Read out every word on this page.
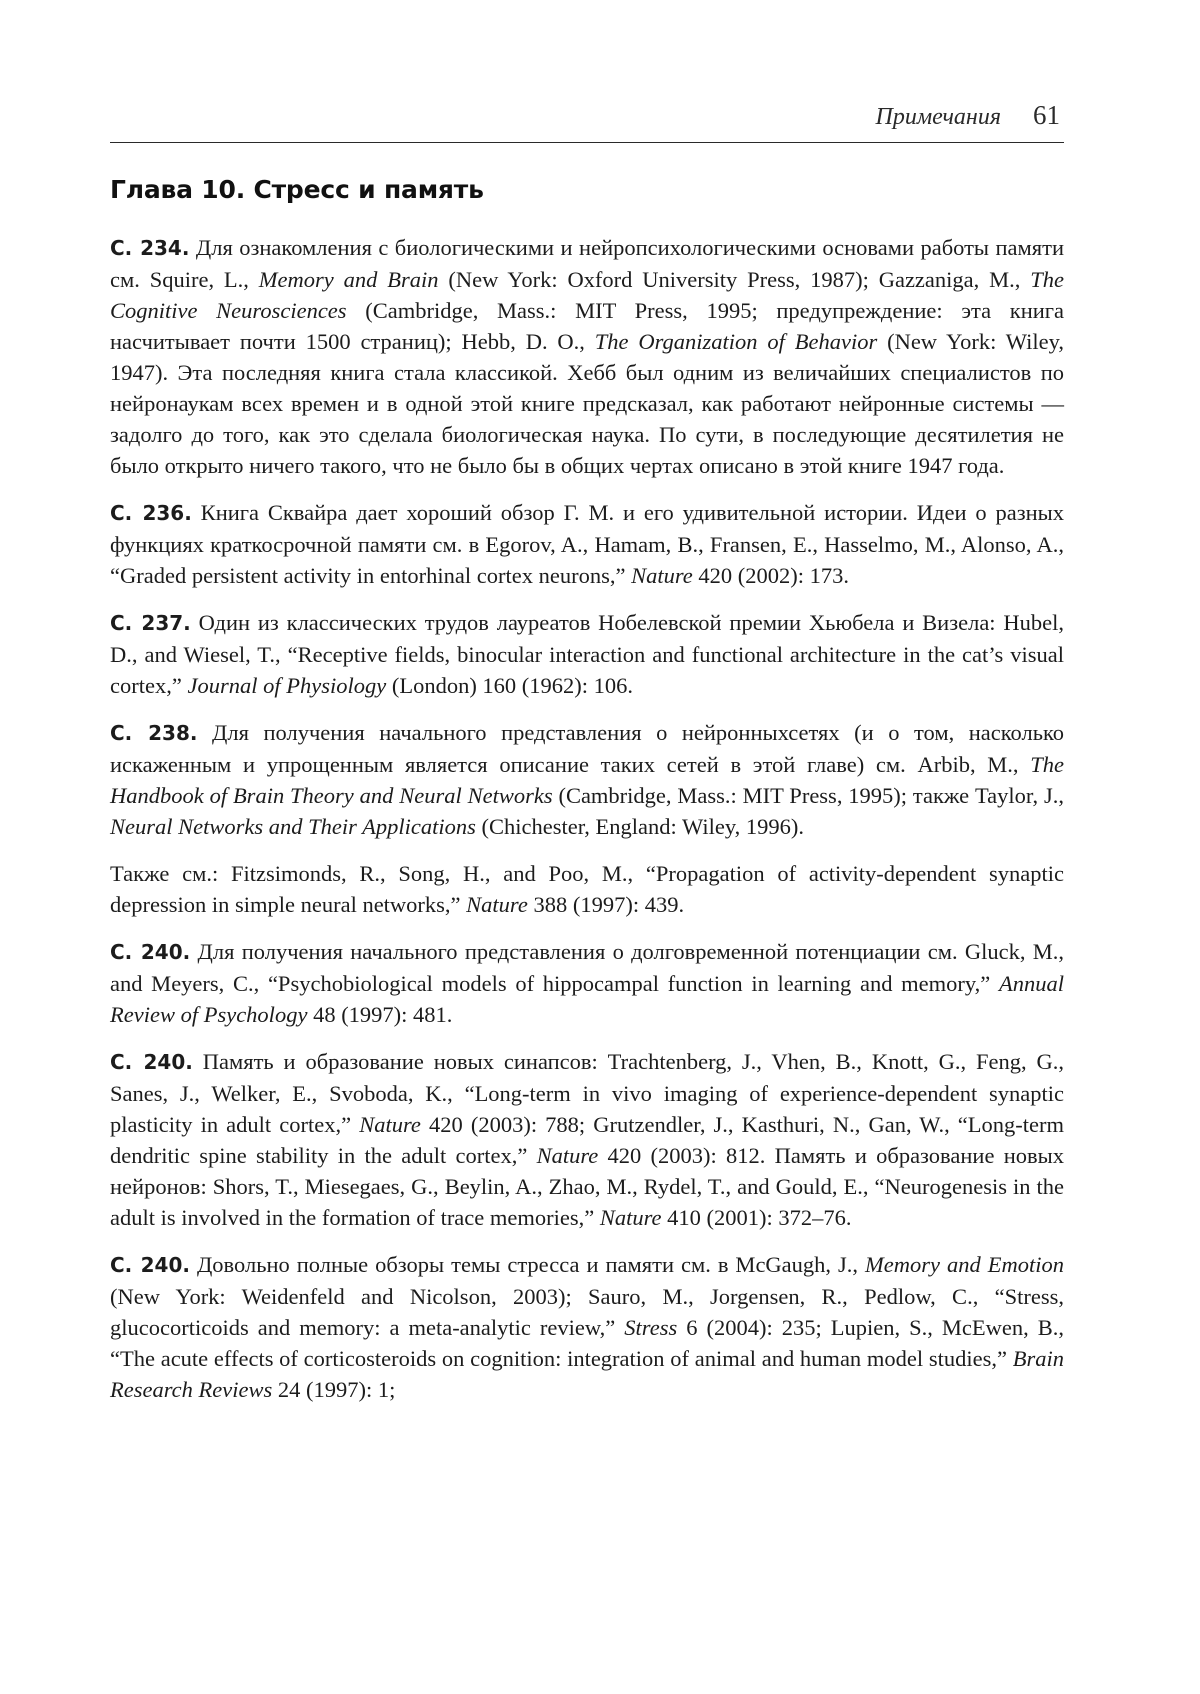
Примечания 61
Глава 10. Стресс и память

С. 234. Для ознакомления с биологическими и нейропсихологическими основами работы памяти см. Squire, L., Memory and Brain (New York: Oxford University Press, 1987); Gazzaniga, M., The Cognitive Neurosciences (Cambridge, Mass.: MIT Press, 1995; предупреждение: эта книга насчитывает почти 1500 страниц); Hebb, D. O., The Organization of Behavior (New York: Wiley, 1947). Эта последняя книга стала классикой. Хебб был одним из величайших специалистов по нейронаукам всех времен и в одной этой книге предсказал, как работают нейронные системы — задолго до того, как это сделала биологическая наука. По сути, в последующие десятилетия не было открыто ничего такого, что не было бы в общих чертах описано в этой книге 1947 года.

С. 236. Книга Сквайра дает хороший обзор Г. М. и его удивительной истории. Идеи о разных функциях краткосрочной памяти см. в Egorov, A., Hamam, B., Fransen, E., Hasselmo, M., Alonso, A., “Graded persistent activity in entorhinal cortex neurons,” Nature 420 (2002): 173.

С. 237. Один из классических трудов лауреатов Нобелевской премии Хьюбела и Визела: Hubel, D., and Wiesel, T., “Receptive fields, binocular interaction and functional architecture in the cat’s visual cortex,” Journal of Physiology (London) 160 (1962): 106.

С. 238. Для получения начального представления о нейронныхсетях (и о том, насколько искаженным и упрощенным является описание таких сетей в этой главе) см. Arbib, M., The Handbook of Brain Theory and Neural Networks (Cambridge, Mass.: MIT Press, 1995); также Taylor, J., Neural Networks and Their Applications (Chichester, England: Wiley, 1996).

Также см.: Fitzsimonds, R., Song, H., and Poo, M., “Propagation of activity-dependent synaptic depression in simple neural networks,” Nature 388 (1997): 439.

С. 240. Для получения начального представления о долговременной потенциации см. Gluck, M., and Meyers, C., “Psychobiological models of hippocampal function in learning and memory,” Annual Review of Psychology 48 (1997): 481.

С. 240. Память и образование новых синапсов: Trachtenberg, J., Vhen, B., Knott, G., Feng, G., Sanes, J., Welker, E., Svoboda, K., “Long-term in vivo imaging of experience-dependent synaptic plasticity in adult cortex,” Nature 420 (2003): 788; Grutzendler, J., Kasthuri, N., Gan, W., “Long-term dendritic spine stability in the adult cortex,” Nature 420 (2003): 812. Память и образование новых нейронов: Shors, T., Miesegaes, G., Beylin, A., Zhao, M., Rydel, T., and Gould, E., “Neurogenesis in the adult is involved in the formation of trace memories,” Nature 410 (2001): 372–76.

С. 240. Довольно полные обзоры темы стресса и памяти см. в McGaugh, J., Memory and Emotion (New York: Weidenfeld and Nicolson, 2003); Sauro, M., Jorgensen, R., Pedlow, C., “Stress, glucocorticoids and memory: a meta-analytic review,” Stress 6 (2004): 235; Lupien, S., McEwen, B., “The acute effects of corticosteroids on cognition: integration of animal and human model studies,” Brain Research Reviews 24 (1997): 1;
